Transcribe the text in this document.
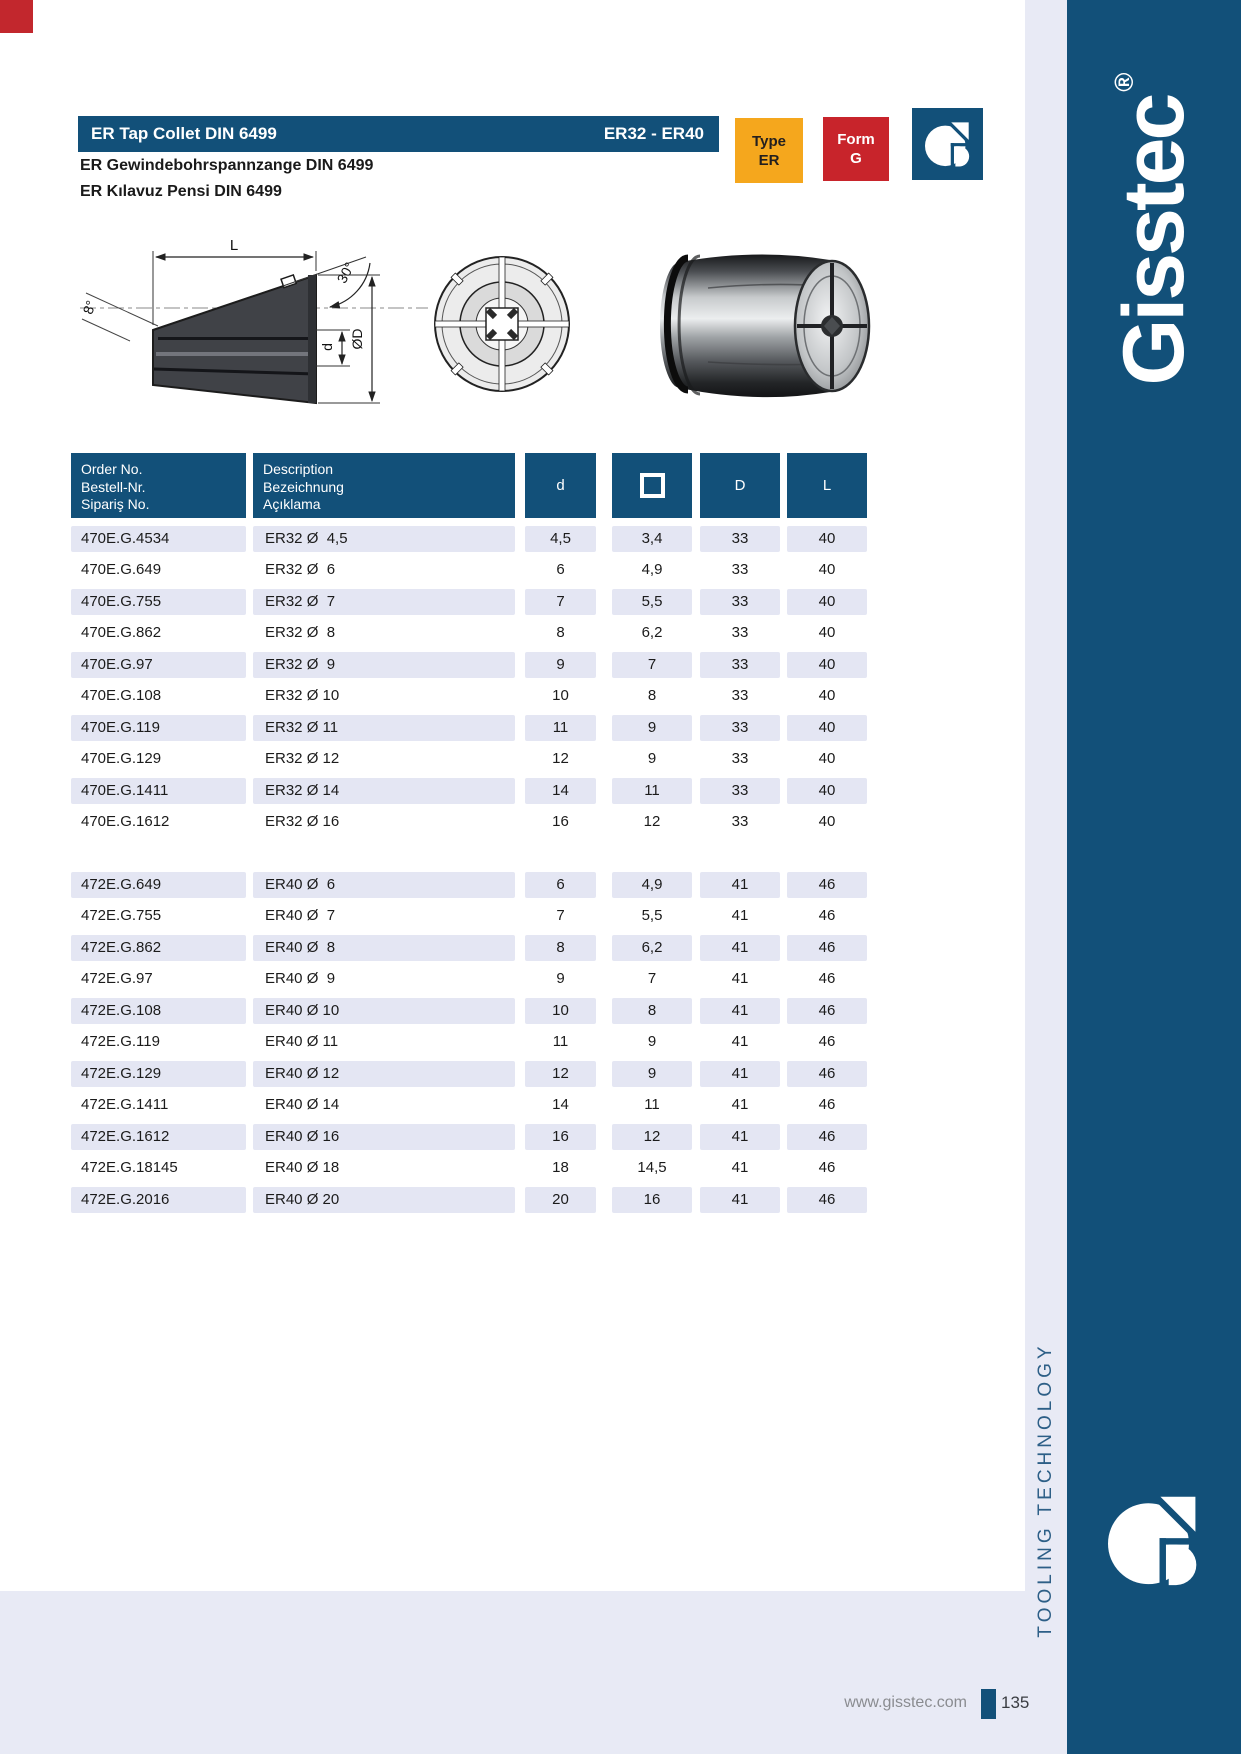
Gisstec
®
TOOLING TECHNOLOGY
www.gisstec.com 135
ER Tap Collet DIN 6499	ER32 - ER40
ER Gewindebohrspannzange DIN 6499
ER Kılavuz Pensi DIN 6499
Type
ER
Form
G
L
30°
8°
d ØD
Order No.
Bestell-Nr.
Sipariş No.
Description
Bezeichnung
Açıklama
d	D	L
470E.G.4534	ER32 Ø  4,5	4,5	3,4	33	40
470E.G.649	ER32 Ø  6	6	4,9	33	40
470E.G.755	ER32 Ø  7	7	5,5	33	40
470E.G.862	ER32 Ø  8	8	6,2	33	40
470E.G.97	ER32 Ø  9	9	7	33	40
470E.G.108	ER32 Ø 10	10	8	33	40
470E.G.119	ER32 Ø 11	11	9	33	40
470E.G.129	ER32 Ø 12	12	9	33	40
470E.G.1411	ER32 Ø 14	14	11	33	40
470E.G.1612	ER32 Ø 16	16	12	33	40
472E.G.649	ER40 Ø  6	6	4,9	41	46
472E.G.755	ER40 Ø  7	7	5,5	41	46
472E.G.862	ER40 Ø  8	8	6,2	41	46
472E.G.97	ER40 Ø  9	9	7	41	46
472E.G.108	ER40 Ø 10	10	8	41	46
472E.G.119	ER40 Ø 11	11	9	41	46
472E.G.129	ER40 Ø 12	12	9	41	46
472E.G.1411	ER40 Ø 14	14	11	41	46
472E.G.1612	ER40 Ø 16	16	12	41	46
472E.G.18145	ER40 Ø 18	18	14,5	41	46
472E.G.2016	ER40 Ø 20	20	16	41	46
